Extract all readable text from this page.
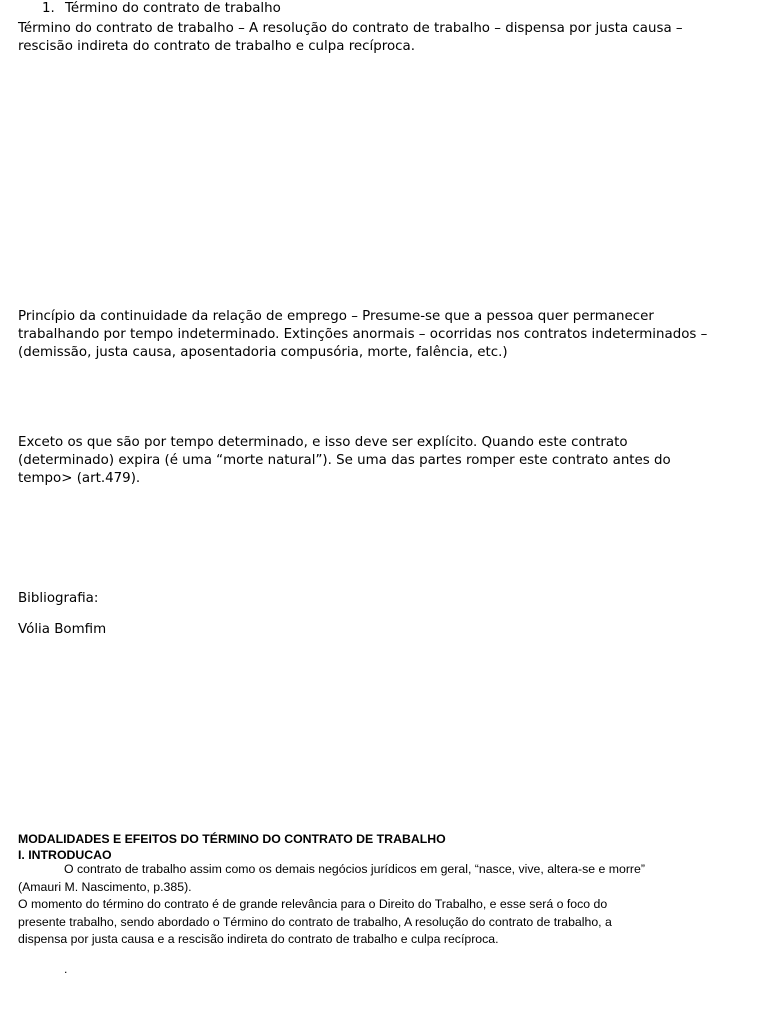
Término do contrato de trabalho – A resolução do contrato de trabalho – dispensa por justa causa –
rescisão indireta do contrato de trabalho e culpa recíproca.

1. Término do contrato de trabalho

Princípio da continuidade da relação de emprego – Presume-se que a pessoa quer permanecer
trabalhando por tempo indeterminado. Extinções anormais – ocorridas nos contratos indeterminados –
(demissão, justa causa, aposentadoria compusória, morte, falência, etc.)

Exceto os que são por tempo determinado, e isso deve ser explícito. Quando este contrato
(determinado) expira (é uma “morte natural”). Se uma das partes romper este contrato antes do
tempo> (art.479).

Bibliografia:

Vólia Bomfim

MODALIDADES E EFEITOS DO TÉRMINO DO CONTRATO DE TRABALHO

I. INTRODUCAO

O contrato de trabalho assim como os demais negócios jurídicos em geral, “nasce, vive, altera-se e morre”
(Amauri M. Nascimento, p.385).
O momento do término do contrato é de grande relevância para o Direito do Trabalho, e esse será o foco do
presente trabalho, sendo abordado o Término do contrato de trabalho, A resolução do contrato de trabalho, a
dispensa por justa causa e a rescisão indireta do contrato de trabalho e culpa recíproca.

.
